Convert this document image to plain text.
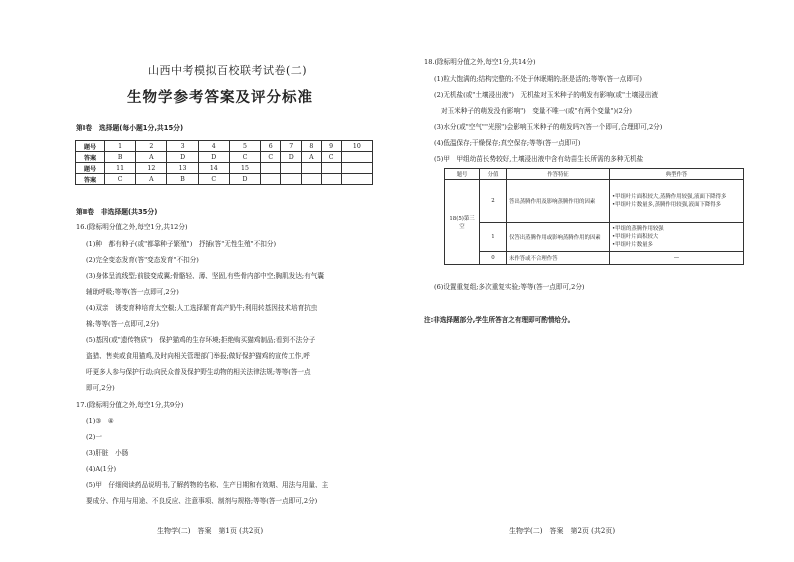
山西中考模拟百校联考试卷(二)
生物学参考答案及评分标准
第Ⅰ卷　选择题(每小题1分,共15分)
题号	1	2	3	4	5	6	7	8	9	10
答案	B	A	D	D	C	C	D	A	C	
题号	11	12	13	14	15					
答案	C	A	B	C	D					
第Ⅱ卷　非选择题(共35分)
16.(除标明分值之外,每空1分,共12分)
(1)种　都有种子(或"都靠种子繁殖")　抒插(答"无性生殖"不扣分)
(2)完全变态发育(答"变态发育"不扣分)
(3)身体呈流线型;前肢变成翼;骨骼轻、薄、坚固,有些骨内部中空;胸肌发达;有气囊
辅助呼吸;等等(答一点即可,2分)
(4)双亲　诱变育种培育太空椒;人工选择繁育高产奶牛;利用转基因技术培育抗虫
棉;等等(答一点即可,2分)
(5)基因(或"遗传物质")　保护猫鸡的生存环境;拒绝购买猫鸡制品;看到不法分子
盗猎、售卖或食用猫鸡,及时向相关管理部门举报;做好保护猫鸡的宣传工作,呼
吁更多人参与保护行动;向民众普及保护野生动物的相关法律法规;等等(答一点
即可,2分)
17.(除标明分值之外,每空1分,共9分)
(1)③　④
(2)一
(3)肝脏　小肠
(4)A(1分)
(5)甲　仔细阅读药品说明书,了解药物的名称、生产日期和有效期、用法与用量、主
要成分、作用与用途、不良反应、注意事项、制剂与规格;等等(答一点即可,2分)
生物学(二)　答案　第1页 (共2页)
18.(除标明分值之外,每空1分,共14分)
(1)粒大饱满的;结构完整的;不处于休眠期的;胚是活的;等等(答一点即可)
(2)无机盐(或"土壤浸出液")　无机盐对玉米种子的萌发有影响(或"土壤浸出液
对玉米种子的萌发没有影响")　变量不唯一(或"有两个变量")(2分)
(3)水分(或"空气""光照")会影响玉米种子的萌发吗?(答一个即可,合理即可,2分)
(4)低温保存;干燥保存;真空保存;等等(答一点即可)
(5)甲　甲组幼苗长势较好,土壤浸出液中含有幼苗生长所需的多种无机盐
题号	分值	作答特征	典型作答
18(5)第三空	2	答出蒸腾作用及影响蒸腾作用的因素	•甲组叶片面积较大,蒸腾作用较强,液面下降得多
•甲组叶片数量多,蒸腾作用较强,液面下降得多

	1	仅答出蒸腾作用或影响蒸腾作用的因素	•甲组的蒸腾作用较强
•甲组叶片面积较大
•甲组叶片数量多

	0	未作答或不合理作答	—
(6)设置重复组;多次重复实验;等等(答一点即可,2分)
注:非选择题部分,学生所答言之有理即可酌情给分。
生物学(二)　答案　第2页 (共2页)
